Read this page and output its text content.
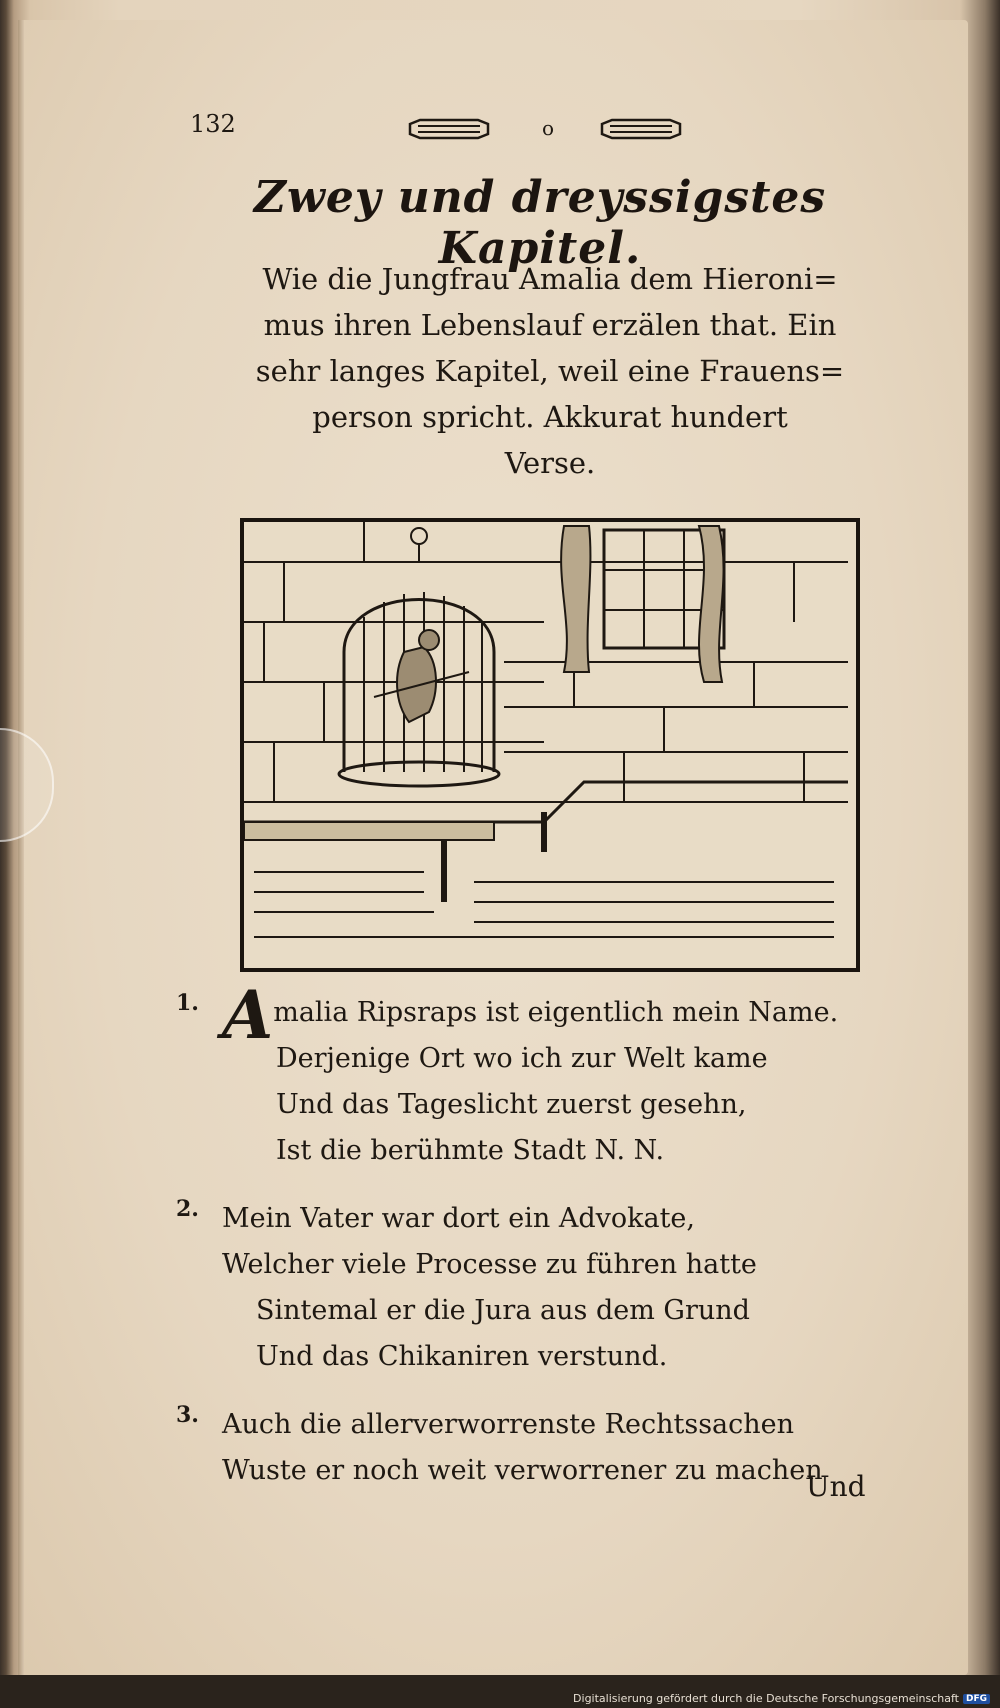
132	o
Zwey und dreyssigstes Kapitel.
Wie die Jungfrau Amalia dem Hieroni=
mus ihren Lebenslauf erzälen that. Ein
sehr langes Kapitel, weil eine Frauens=
person spricht. Akkurat hundert
Verse.
1. Amalia Ripsraps ist eigentlich mein Name.
Derjenige Ort wo ich zur Welt kame
Und das Tageslicht zuerst gesehn,
Ist die berühmte Stadt N. N.
2. Mein Vater war dort ein Advokate,
Welcher viele Processe zu führen hatte
Sintemal er die Jura aus dem Grund
Und das Chikaniren verstund.
3. Auch die allerverworrenste Rechtssachen
Wuste er noch weit verworrener zu machen
Und
Digitalisierung gefördert durch die Deutsche Forschungsgemeinschaft DFG
